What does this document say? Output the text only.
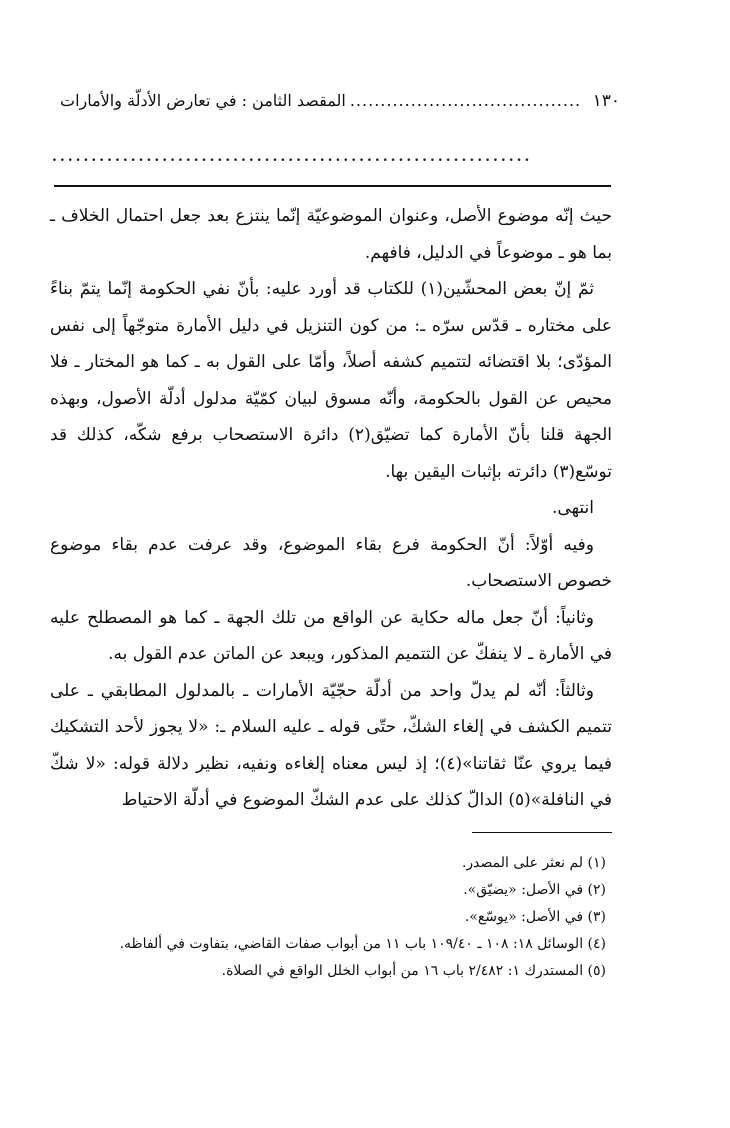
١٣٠
......................................
المقصد الثامن : في تعارض الأدلّة والأمارات
.............................................................

حيث إنّه موضوع الأصل، وعنوان الموضوعيّة إنّما ينتزع بعد جعل احتمال الخلاف ـ بما هو ـ موضوعاً في الدليل، فافهم.

ثمّ إنّ بعض المحشّين(١) للكتاب قد أورد عليه: بأنّ نفي الحكومة إنّما يتمّ بناءً على مختاره ـ قدّس سرّه ـ: من كون التنزيل في دليل الأمارة متوجّهاً إلى نفس المؤدّى؛ بلا اقتضائه لتتميم كشفه أصلاً، وأمّا على القول به ـ كما هو المختار ـ فلا محيص عن القول بالحكومة، وأنّه مسوق لبيان كمّيّة مدلول أدلّة الأصول، وبهذه الجهة قلنا بأنّ الأمارة كما تضيّق(٢) دائرة الاستصحاب برفع شكّه، كذلك قد توسّع(٣) دائرته بإثبات اليقين بها.

انتهى.

وفيه أوّلاً: أنّ الحكومة فرع بقاء الموضوع، وقد عرفت عدم بقاء موضوع خصوص الاستصحاب.

وثانياً: أنّ جعل ماله حكاية عن الواقع من تلك الجهة ـ كما هو المصطلح عليه في الأمارة ـ لا ينفكّ عن التتميم المذكور، ويبعد عن الماتن عدم القول به.

وثالثاً: أنّه لم يدلّ واحد من أدلّة حجّيّة الأمارات ـ بالمدلول المطابقي ـ على تتميم الكشف في إلغاء الشكّ، حتّى قوله ـ عليه السلام ـ: «لا يجوز لأحد التشكيك فيما يروي عنّا ثقاتنا»(٤)؛ إذ ليس معناه إلغاءه ونفيه، نظير دلالة قوله: «لا شكّ في النافلة»(٥) الدالّ كذلك على عدم الشكّ الموضوع في أدلّة الاحتياط

(١) لم نعثر على المصدر.

(٢) في الأصل: «يضيّق».

(٣) في الأصل: «يوسّع».

(٤) الوسائل ١٨: ١٠٨ ـ ١٠٩/٤٠ باب ١١ من أبواب صفات القاضي، بتفاوت في ألفاظه.

(٥) المستدرك ١: ٢/٤٨٢ باب ١٦ من أبواب الخلل الواقع في الصلاة.
